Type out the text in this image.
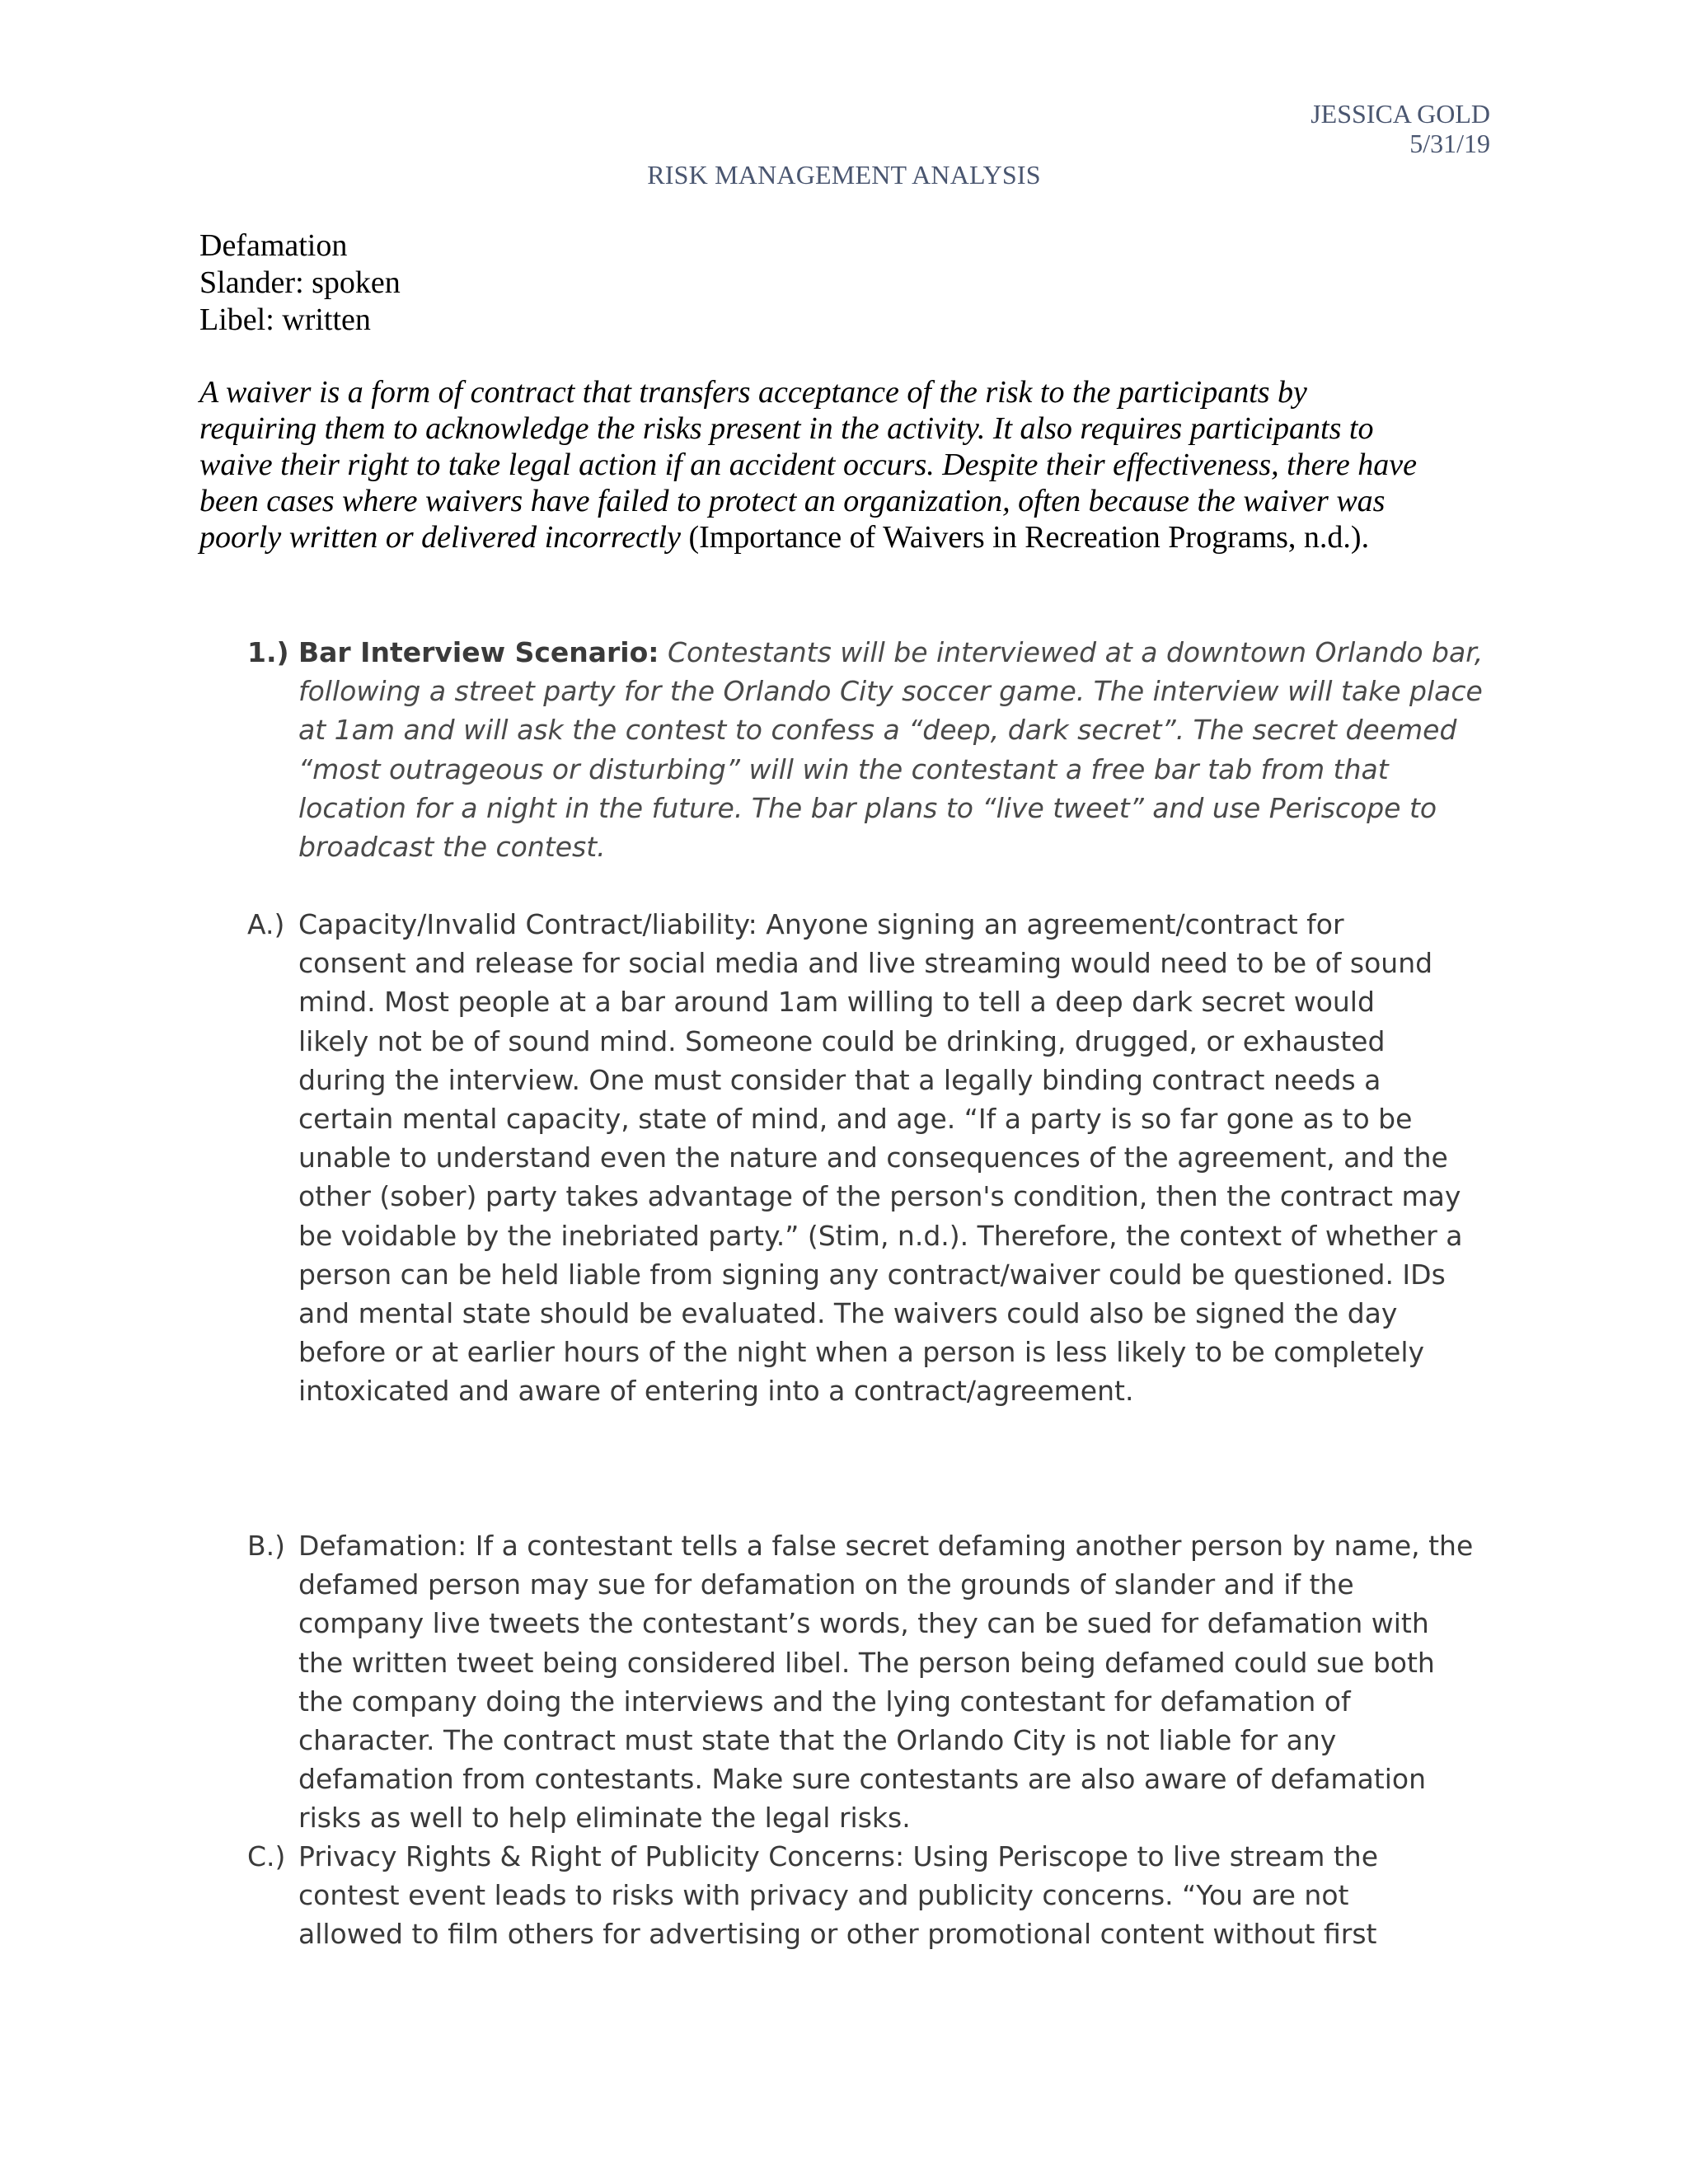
JESSICA GOLD
5/31/19
RISK MANAGEMENT ANALYSIS
Defamation
Slander: spoken
Libel: written
A waiver is a form of contract that transfers acceptance of the risk to the participants by
requiring them to acknowledge the risks present in the activity. It also requires participants to
waive their right to take legal action if an accident occurs. Despite their effectiveness, there have
been cases where waivers have failed to protect an organization, often because the waiver was
poorly written or delivered incorrectly (Importance of Waivers in Recreation Programs, n.d.).
1.) Bar Interview Scenario: Contestants will be interviewed at a downtown Orlando bar,
following a street party for the Orlando City soccer game. The interview will take place
at 1am and will ask the contest to confess a “deep, dark secret”. The secret deemed
“most outrageous or disturbing” will win the contestant a free bar tab from that
location for a night in the future. The bar plans to “live tweet” and use Periscope to
broadcast the contest.
A.) Capacity/Invalid Contract/liability: Anyone signing an agreement/contract for
consent and release for social media and live streaming would need to be of sound
mind. Most people at a bar around 1am willing to tell a deep dark secret would
likely not be of sound mind. Someone could be drinking, drugged, or exhausted
during the interview. One must consider that a legally binding contract needs a
certain mental capacity, state of mind, and age. “If a party is so far gone as to be
unable to understand even the nature and consequences of the agreement, and the
other (sober) party takes advantage of the person's condition, then the contract may
be voidable by the inebriated party.” (Stim, n.d.). Therefore, the context of whether a
person can be held liable from signing any contract/waiver could be questioned. IDs
and mental state should be evaluated. The waivers could also be signed the day
before or at earlier hours of the night when a person is less likely to be completely
intoxicated and aware of entering into a contract/agreement.
B.) Defamation: If a contestant tells a false secret defaming another person by name, the
defamed person may sue for defamation on the grounds of slander and if the
company live tweets the contestant’s words, they can be sued for defamation with
the written tweet being considered libel. The person being defamed could sue both
the company doing the interviews and the lying contestant for defamation of
character. The contract must state that the Orlando City is not liable for any
defamation from contestants. Make sure contestants are also aware of defamation
risks as well to help eliminate the legal risks.
C.) Privacy Rights & Right of Publicity Concerns: Using Periscope to live stream the
contest event leads to risks with privacy and publicity concerns. “You are not
allowed to film others for advertising or other promotional content without first
